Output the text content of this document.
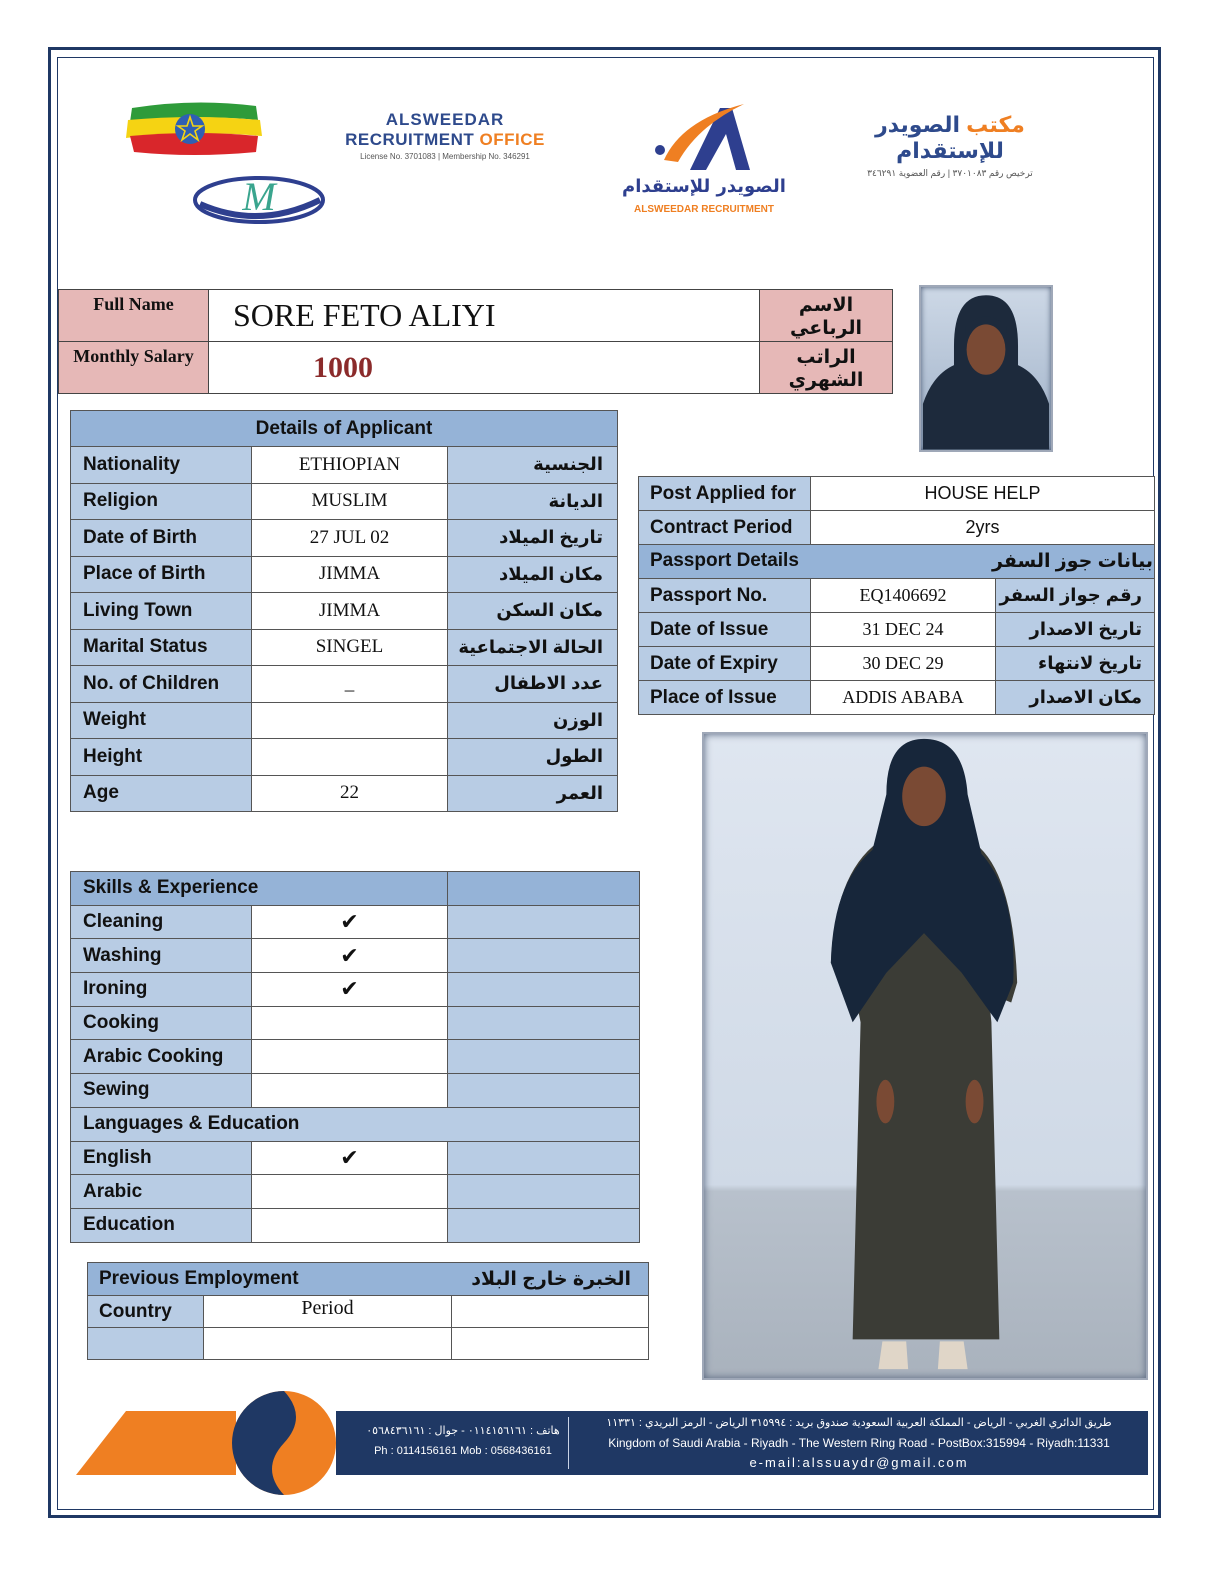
M
ALSWEEDAR
RECRUITMENT OFFICE
License No. 3701083 | Membership No. 346291
الصويدر للإستقدام
ALSWEEDAR RECRUITMENT
مكتب الصويدر للإستقدام
ترخيص رقم ٣٧٠١٠٨٣ | رقم العضوية ٣٤٦٢٩١
Full Name	SORE FETO ALIYI	الاسم الرباعي
Monthly Salary	1000	الراتب الشهري
Details of Applicant		
Nationality	ETHIOPIAN	الجنسية
Religion	MUSLIM	الديانة
Date of Birth	27 JUL 02	تاريخ الميلاد
Place of Birth	JIMMA	مكان الميلاد
Living Town	JIMMA	مكان السكن
Marital Status	SINGEL	الحالة الاجتماعية
No. of Children	_	عدد الاطفال
Weight		الوزن
Height		الطول
Age	22	العمر
Post Applied for	HOUSE HELP	
Contract Period	2yrs	
Passport Details بيانات جوز السفر		

Passport No.	EQ1406692	رقم جواز السفر
Date of Issue	31 DEC 24	تاريخ الاصدار
Date of Expiry	30 DEC 29	تاريخ لانتهاء
Place of Issue	ADDIS ABABA	مكان الاصدار
Skills & Experience		
Cleaning	✔	
Washing	✔	
Ironing	✔	
Cooking		
Arabic Cooking		
Sewing		
Languages & Education		
English	✔	
Arabic		
Education		
Previous Employment الخبرة خارج البلاد		

Country	Period	

هاتف : ٠١١٤١٥٦١٦١ - جوال : ٠٥٦٨٤٣٦١٦١
Ph : 0114156161 Mob : 0568436161
طريق الدائري الغربي - الرياض - المملكة العربية السعودية صندوق بريد : ٣١٥٩٩٤ الرياض - الرمز البريدي : ١١٣٣١
Kingdom of Saudi Arabia - Riyadh - The Western Ring Road - PostBox:315994 - Riyadh:11331
e-mail:alssuaydr@gmail.com
